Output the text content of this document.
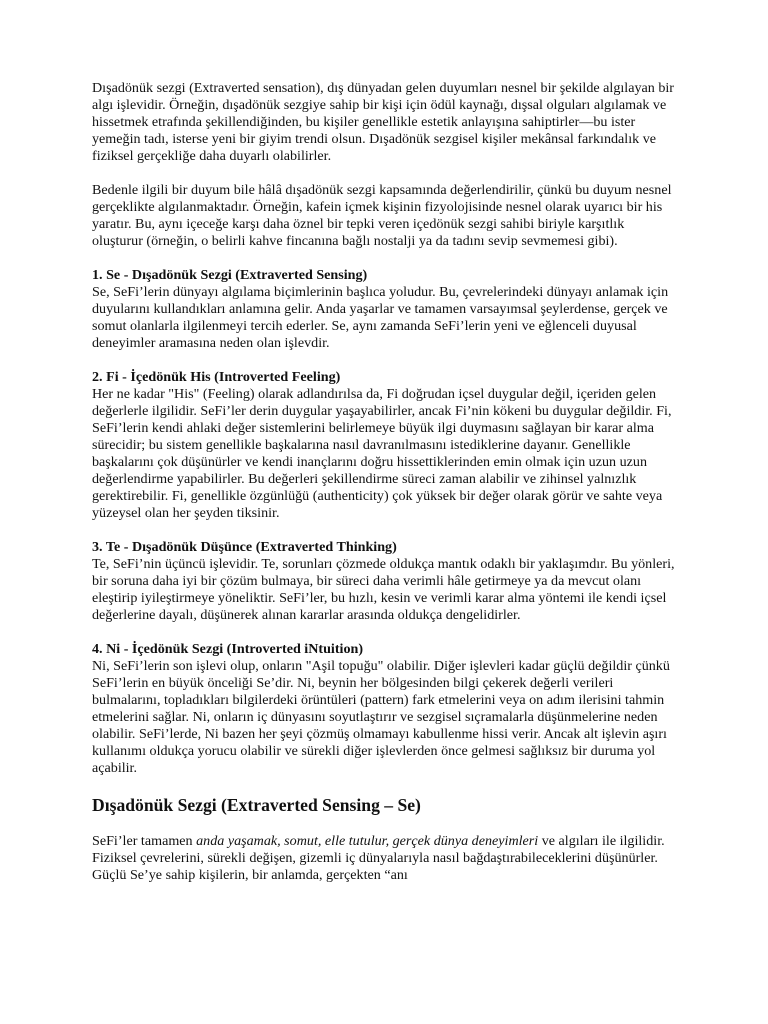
Dışadönük sezgi (Extraverted sensation), dış dünyadan gelen duyumları nesnel bir şekilde algılayan bir algı işlevidir. Örneğin, dışadönük sezgiye sahip bir kişi için ödül kaynağı, dışsal olguları algılamak ve hissetmek etrafında şekillendiğinden, bu kişiler genellikle estetik anlayışına sahiptirler—bu ister yemeğin tadı, isterse yeni bir giyim trendi olsun. Dışadönük sezgisel kişiler mekânsal farkındalık ve fiziksel gerçekliğe daha duyarlı olabilirler.

Bedenle ilgili bir duyum bile hâlâ dışadönük sezgi kapsamında değerlendirilir, çünkü bu duyum nesnel gerçeklikte algılanmaktadır. Örneğin, kafein içmek kişinin fizyolojisinde nesnel olarak uyarıcı bir his yaratır. Bu, aynı içeceğe karşı daha öznel bir tepki veren içedönük sezgi sahibi biriyle karşıtlık oluşturur (örneğin, o belirli kahve fincanına bağlı nostalji ya da tadını sevip sevmemesi gibi).

1. Se - Dışadönük Sezgi (Extraverted Sensing)
Se, SeFi’lerin dünyayı algılama biçimlerinin başlıca yoludur. Bu, çevrelerindeki dünyayı anlamak için duyularını kullandıkları anlamına gelir. Anda yaşarlar ve tamamen varsayımsal şeylerdense, gerçek ve somut olanlarla ilgilenmeyi tercih ederler. Se, aynı zamanda SeFi’lerin yeni ve eğlenceli duyusal deneyimler aramasına neden olan işlevdir.
2. Fi - İçedönük His (Introverted Feeling)
Her ne kadar "His" (Feeling) olarak adlandırılsa da, Fi doğrudan içsel duygular değil, içeriden gelen değerlerle ilgilidir. SeFi’ler derin duygular yaşayabilirler, ancak Fi’nin kökeni bu duygular değildir. Fi, SeFi’lerin kendi ahlaki değer sistemlerini belirlemeye büyük ilgi duymasını sağlayan bir karar alma sürecidir; bu sistem genellikle başkalarına nasıl davranılmasını istediklerine dayanır. Genellikle başkalarını çok düşünürler ve kendi inançlarını doğru hissettiklerinden emin olmak için uzun uzun değerlendirme yapabilirler. Bu değerleri şekillendirme süreci zaman alabilir ve zihinsel yalnızlık gerektirebilir. Fi, genellikle özgünlüğü (authenticity) çok yüksek bir değer olarak görür ve sahte veya yüzeysel olan her şeyden tiksinir.
3. Te - Dışadönük Düşünce (Extraverted Thinking)
Te, SeFi’nin üçüncü işlevidir. Te, sorunları çözmede oldukça mantık odaklı bir yaklaşımdır. Bu yönleri, bir soruna daha iyi bir çözüm bulmaya, bir süreci daha verimli hâle getirmeye ya da mevcut olanı eleştirip iyileştirmeye yöneliktir. SeFi’ler, bu hızlı, kesin ve verimli karar alma yöntemi ile kendi içsel değerlerine dayalı, düşünerek alınan kararlar arasında oldukça dengelidirler.
4. Ni - İçedönük Sezgi (Introverted iNtuition)
Ni, SeFi’lerin son işlevi olup, onların "Aşil topuğu" olabilir. Diğer işlevleri kadar güçlü değildir çünkü SeFi’lerin en büyük önceliği Se’dir. Ni, beynin her bölgesinden bilgi çekerek değerli verileri bulmalarını, topladıkları bilgilerdeki örüntüleri (pattern) fark etmelerini veya on adım ilerisini tahmin etmelerini sağlar. Ni, onların iç dünyasını soyutlaştırır ve sezgisel sıçramalarla düşünmelerine neden olabilir. SeFi’lerde, Ni bazen her şeyi çözmüş olmamayı kabullenme hissi verir. Ancak alt işlevin aşırı kullanımı oldukça yorucu olabilir ve sürekli diğer işlevlerden önce gelmesi sağlıksız bir duruma yol açabilir.
Dışadönük Sezgi (Extraverted Sensing – Se)

SeFi’ler tamamen anda yaşamak, somut, elle tutulur, gerçek dünya deneyimleri ve algıları ile ilgilidir. Fiziksel çevrelerini, sürekli değişen, gizemli iç dünyalarıyla nasıl bağdaştırabileceklerini düşünürler. Güçlü Se’ye sahip kişilerin, bir anlamda, gerçekten “anı
